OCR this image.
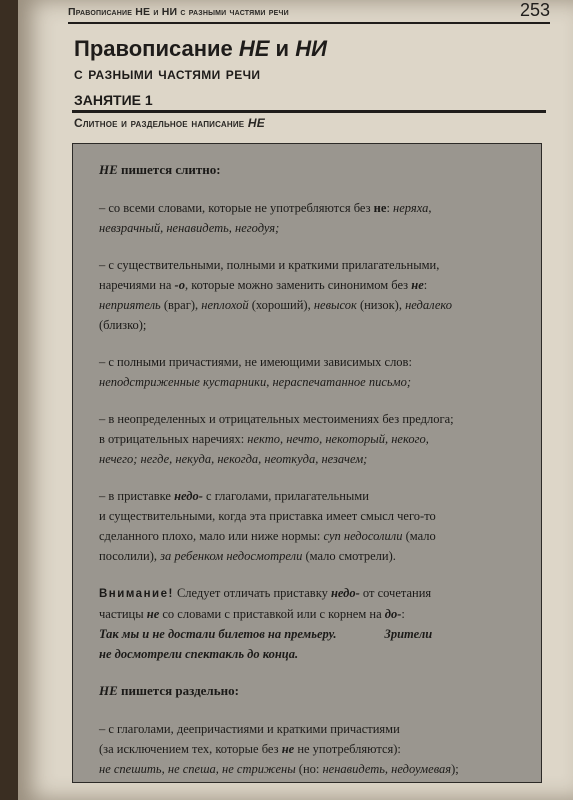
Правописание НЕ и НИ с разными частями речи	253
Правописание НЕ и НИ
с разными частями речи
ЗАНЯТИЕ 1
Слитное и раздельное написание НЕ

НЕ пишется слитно:

– со всеми словами, которые не употребляются без не: неряха,

невзрачный, ненавидеть, негодуя;

– с существительными, полными и краткими прилагательными,

наречиями на -о, которые можно заменить синонимом без не:

неприятель (враг), неплохой (хороший), невысок (низок), недалеко

(близко);

– с полными причастиями, не имеющими зависимых слов:

неподстриженные кустарники, нераспечатанное письмо;

– в неопределенных и отрицательных местоимениях без предлога;

в отрицательных наречиях: некто, нечто, некоторый, некого,

нечего; негде, некуда, некогда, неоткуда, незачем;

– в приставке недо- с глаголами, прилагательными

и существительными, когда эта приставка имеет смысл чего-то

сделанного плохо, мало или ниже нормы: суп недосолили (мало

посолили), за ребенком недосмотрели (мало смотрели).

Внимание! Следует отличать приставку недо- от сочетания

частицы не со словами с приставкой или с корнем на до-:

Так мы и не достали билетов на премьеру.	Зрители

не досмотрели спектакль до конца.

НЕ пишется раздельно:

– с глаголами, деепричастиями и краткими причастиями

(за исключением тех, которые без не не употребляются):

не спешить, не спеша, не стрижены (но: ненавидеть, недоумевая);
